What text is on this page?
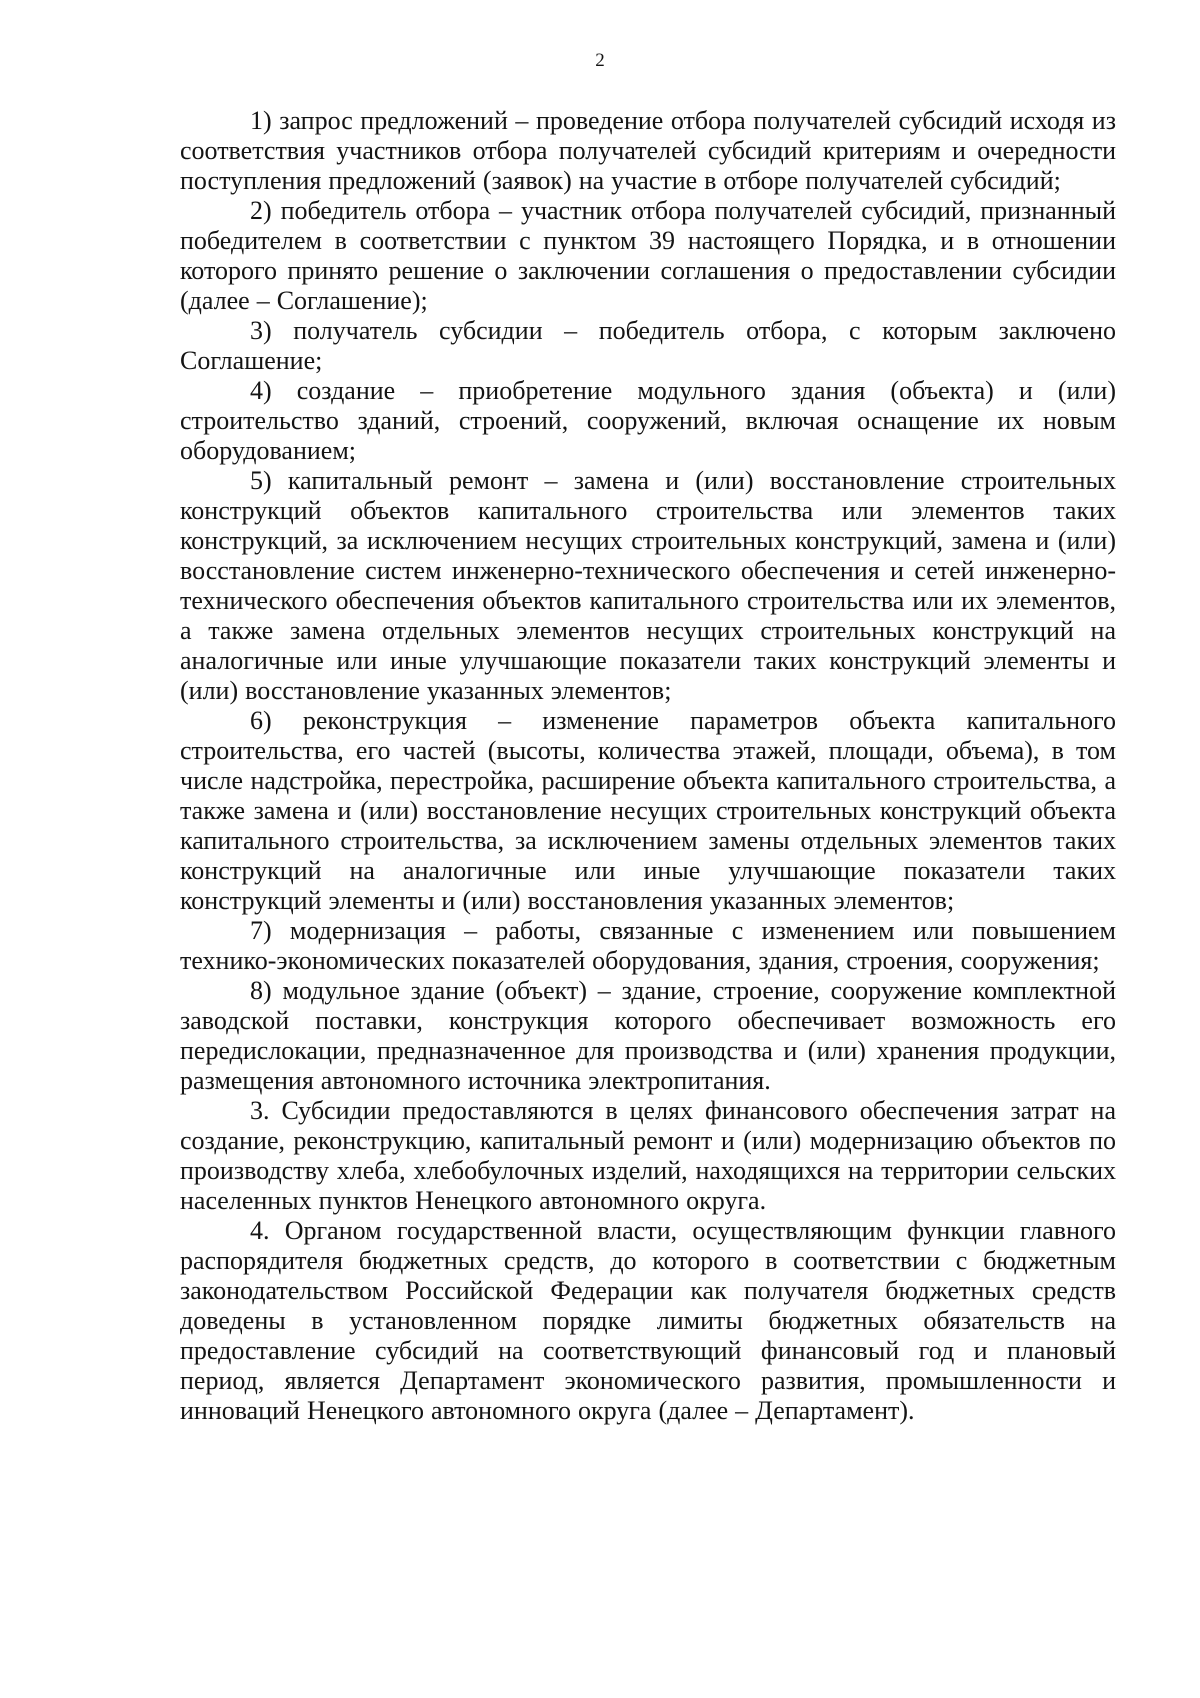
2

1) запрос предложений – проведение отбора получателей субсидий исходя из соответствия участников отбора получателей субсидий критериям и очередности поступления предложений (заявок) на участие в отборе получателей субсидий;

2) победитель отбора – участник отбора получателей субсидий, признанный победителем в соответствии с пунктом 39 настоящего Порядка, и в отношении которого принято решение о заключении соглашения о предоставлении субсидии (далее – Соглашение);

3) получатель субсидии – победитель отбора, с которым заключено Соглашение;

4) создание – приобретение модульного здания (объекта) и (или) строительство зданий, строений, сооружений, включая оснащение их новым оборудованием;

5) капитальный ремонт – замена и (или) восстановление строительных конструкций объектов капитального строительства или элементов таких конструкций, за исключением несущих строительных конструкций, замена и (или) восстановление систем инженерно-технического обеспечения и сетей инженерно-технического обеспечения объектов капитального строительства или их элементов, а также замена отдельных элементов несущих строительных конструкций на аналогичные или иные улучшающие показатели таких конструкций элементы и (или) восстановление указанных элементов;

6) реконструкция – изменение параметров объекта капитального строительства, его частей (высоты, количества этажей, площади, объема), в том числе надстройка, перестройка, расширение объекта капитального строительства, а также замена и (или) восстановление несущих строительных конструкций объекта капитального строительства, за исключением замены отдельных элементов таких конструкций на аналогичные или иные улучшающие показатели таких конструкций элементы и (или) восстановления указанных элементов;

7) модернизация – работы, связанные с изменением или повышением технико-экономических показателей оборудования, здания, строения, сооружения;

8) модульное здание (объект) – здание, строение, сооружение комплектной заводской поставки, конструкция которого обеспечивает возможность его передислокации, предназначенное для производства и (или) хранения продукции, размещения автономного источника электропитания.

3. Субсидии предоставляются в целях финансового обеспечения затрат на создание, реконструкцию, капитальный ремонт и (или) модернизацию объектов по производству хлеба, хлебобулочных изделий, находящихся на территории сельских населенных пунктов Ненецкого автономного округа.

4. Органом государственной власти, осуществляющим функции главного распорядителя бюджетных средств, до которого в соответствии с бюджетным законодательством Российской Федерации как получателя бюджетных средств доведены в установленном порядке лимиты бюджетных обязательств на предоставление субсидий на соответствующий финансовый год и плановый период, является Департамент экономического развития, промышленности и инноваций Ненецкого автономного округа (далее – Департамент).
